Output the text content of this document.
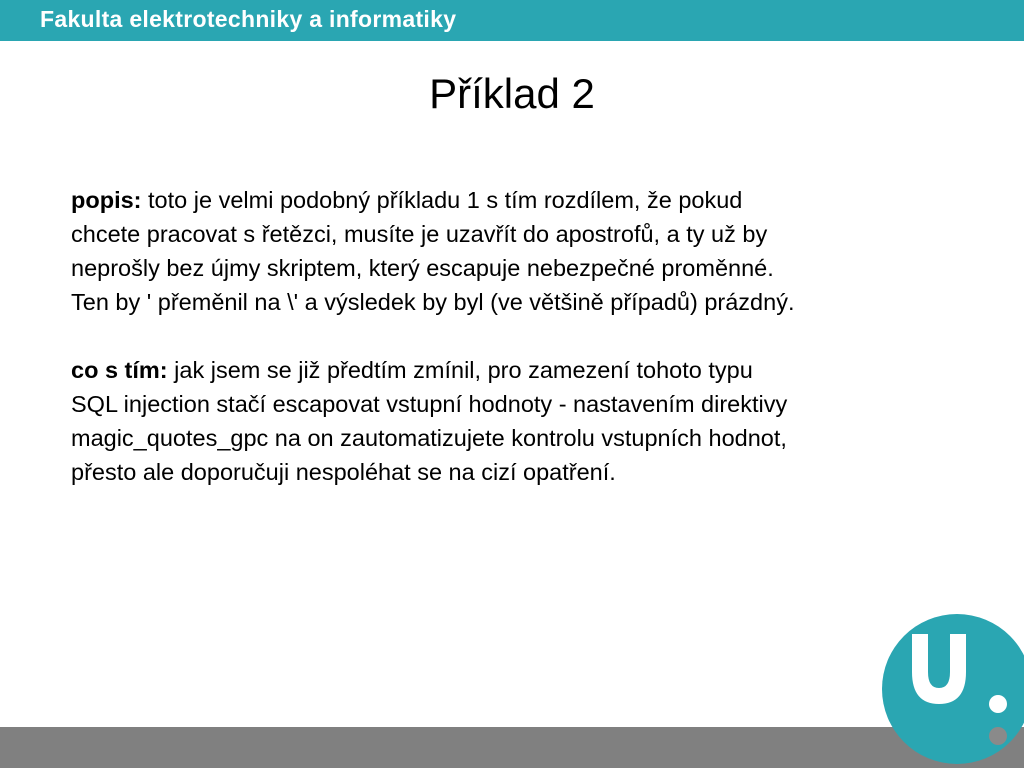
Fakulta elektrotechniky a informatiky
Příklad 2

popis: toto je velmi podobný příkladu 1 s tím rozdílem, že pokud
chcete pracovat s řetězci, musíte je uzavřít do apostrofů, a ty už by
neprošly bez újmy skriptem, který escapuje nebezpečné proměnné.
Ten by ' přeměnil na \' a výsledek by byl (ve většině případů) prázdný.

co s tím: jak jsem se již předtím zmínil, pro zamezení tohoto typu
SQL injection stačí escapovat vstupní hodnoty - nastavením direktivy
magic_quotes_gpc na on zautomatizujete kontrolu vstupních hodnot,
přesto ale doporučuji nespoléhat se na cizí opatření.
